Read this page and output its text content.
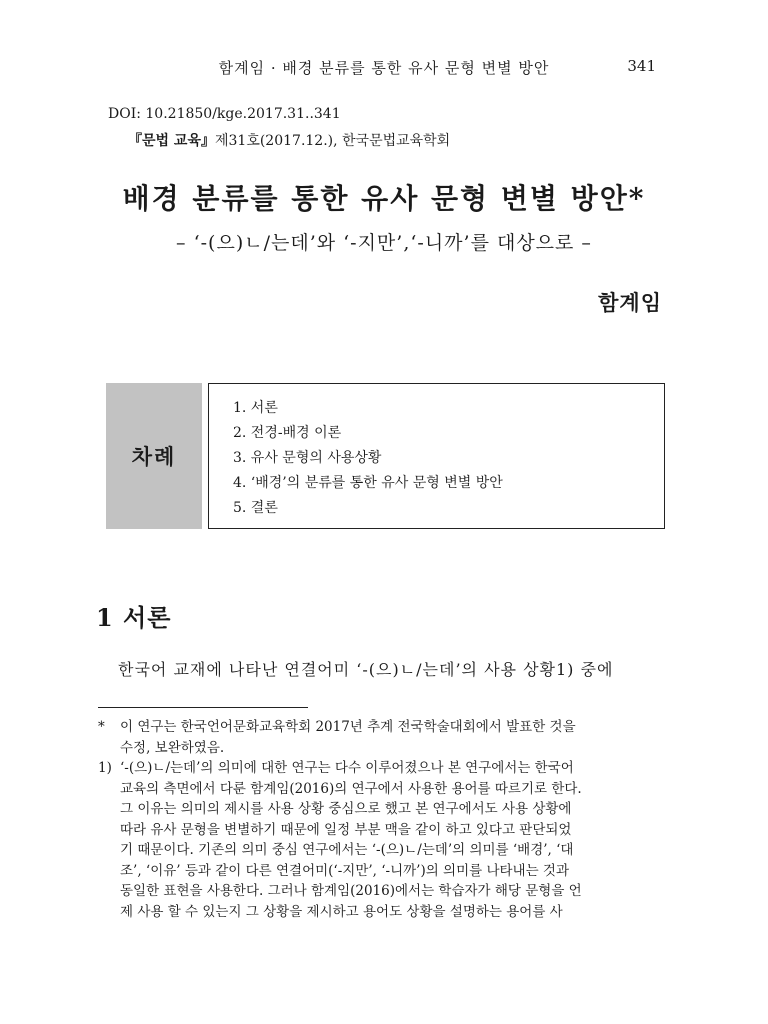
함계임 · 배경 분류를 통한 유사 문형 변별 방안	341
DOI: 10.21850/kge.2017.31..341
『문법 교육』제31호(2017.12.), 한국문법교육학회
배경 분류를 통한 유사 문형 변별 방안*
– ‘-(으)ㄴ/는데’와 ‘-지만’,‘-니까’를 대상으로 –
함계임
차례
1. 서론
2. 전경-배경 이론
3. 유사 문형의 사용상황
4. ‘배경’의 분류를 통한 유사 문형 변별 방안
5. 결론
1 서론
한국어 교재에 나타난 연결어미 ‘-(으)ㄴ/는데’의 사용 상황1) 중에
* 이 연구는 한국언어문화교육학회 2017년 추계 전국학술대회에서 발표한 것을
수정, 보완하였음.
1) ‘-(으)ㄴ/는데’의 의미에 대한 연구는 다수 이루어졌으나 본 연구에서는 한국어
교육의 측면에서 다룬 함계임(2016)의 연구에서 사용한 용어를 따르기로 한다.
그 이유는 의미의 제시를 사용 상황 중심으로 했고 본 연구에서도 사용 상황에
따라 유사 문형을 변별하기 때문에 일정 부분 맥을 같이 하고 있다고 판단되었
기 때문이다. 기존의 의미 중심 연구에서는 ‘-(으)ㄴ/는데’의 의미를 ‘배경’, ‘대
조’, ‘이유’ 등과 같이 다른 연결어미(‘-지만’, ‘-니까’)의 의미를 나타내는 것과
동일한 표현을 사용한다. 그러나 함계임(2016)에서는 학습자가 해당 문형을 언
제 사용 할 수 있는지 그 상황을 제시하고 용어도 상황을 설명하는 용어를 사
